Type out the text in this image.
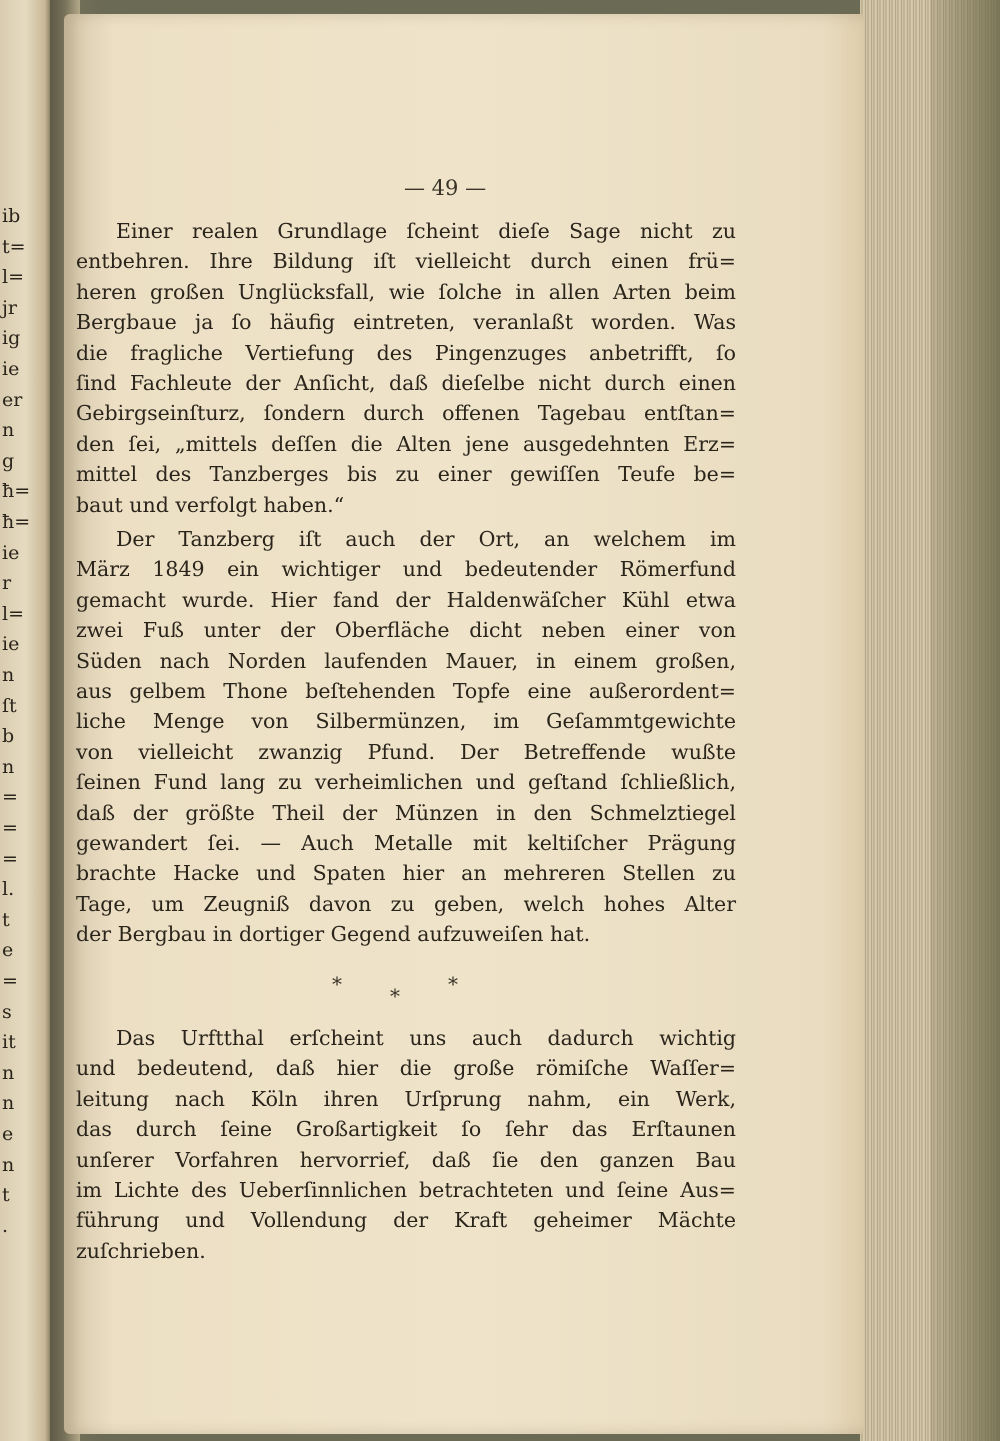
ib
t=
l=
jr
ig
ie
er
n
g
ħ=
ħ=
ie
r
l=
ie
n
ſt
b
n
=
=
=
l.
t
e
=
s
it
n
n
e
n
t
.
— 49 —
Einer realen Grundlage ſcheint dieſe Sage nicht zu
entbehren. Ihre Bildung iſt vielleicht durch einen frü=
heren großen Unglücksfall, wie ſolche in allen Arten beim
Bergbaue ja ſo häufig eintreten, veranlaßt worden. Was
die fragliche Vertiefung des Pingenzuges anbetrifft, ſo
ſind Fachleute der Anſicht, daß dieſelbe nicht durch einen
Gebirgseinſturz, ſondern durch offenen Tagebau entſtan=
den ſei, „mittels deſſen die Alten jene ausgedehnten Erz=
mittel des Tanzberges bis zu einer gewiſſen Teufe be=
baut und verfolgt haben.“
Der Tanzberg iſt auch der Ort, an welchem im
März 1849 ein wichtiger und bedeutender Römerfund
gemacht wurde. Hier fand der Haldenwäſcher Kühl etwa
zwei Fuß unter der Oberfläche dicht neben einer von
Süden nach Norden laufenden Mauer, in einem großen,
aus gelbem Thone beſtehenden Topfe eine außerordent=
liche Menge von Silbermünzen, im Geſammtgewichte
von vielleicht zwanzig Pfund. Der Betreffende wußte
ſeinen Fund lang zu verheimlichen und geſtand ſchließlich,
daß der größte Theil der Münzen in den Schmelztiegel
gewandert ſei. — Auch Metalle mit keltiſcher Prägung
brachte Hacke und Spaten hier an mehreren Stellen zu
Tage, um Zeugniß davon zu geben, welch hohes Alter
der Bergbau in dortiger Gegend aufzuweiſen hat.
Das Urftthal erſcheint uns auch dadurch wichtig
und bedeutend, daß hier die große römiſche Waſſer=
leitung nach Köln ihren Urſprung nahm, ein Werk,
das durch ſeine Großartigkeit ſo ſehr das Erſtaunen
unſerer Vorfahren hervorrief, daß ſie den ganzen Bau
im Lichte des Ueberſinnlichen betrachteten und ſeine Aus=
führung und Vollendung der Kraft geheimer Mächte
zuſchrieben.
* * *
